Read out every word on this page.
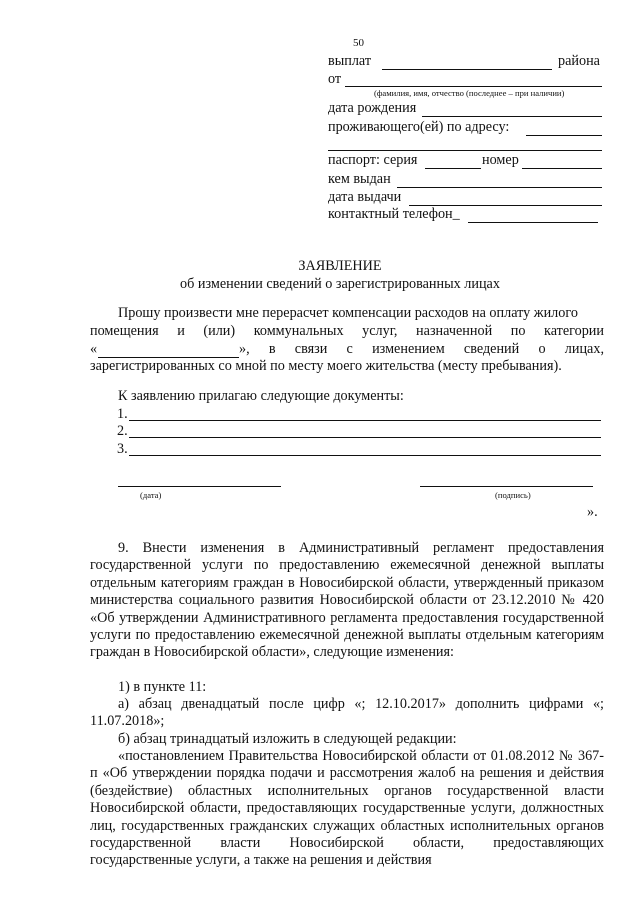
50
выплат	района
от
(фамилия, имя, отчество (последнее – при наличии)
дата рождения
проживающего(ей) по адресу:
паспорт: серия	номер
кем выдан
дата выдачи
контактный телефон_
ЗАЯВЛЕНИЕ
об изменении сведений о зарегистрированных лицах
Прошу произвести мне перерасчет компенсации расходов на оплату жилого
помещения и (или) коммунальных услуг, назначенной по категории
«	», в связи с изменением сведений о лицах,
зарегистрированных со мной по месту моего жительства (месту пребывания).
К заявлению прилагаю следующие документы:
1.
2.
3.
(дата)	(подпись)
».
9. Внести изменения в Административный регламент предоставления государственной услуги по предоставлению ежемесячной денежной выплаты отдельным категориям граждан в Новосибирской области, утвержденный приказом министерства социального развития Новосибирской области от 23.12.2010 № 420 «Об утверждении Административного регламента предоставления государственной услуги по предоставлению ежемесячной денежной выплаты отдельным категориям граждан в Новосибирской области», следующие изменения:
1) в пункте 11:
а) абзац двенадцатый после цифр «; 12.10.2017» дополнить цифрами «; 11.07.2018»;
б) абзац тринадцатый изложить в следующей редакции:
«постановлением Правительства Новосибирской области от 01.08.2012 № 367-п «Об утверждении порядка подачи и рассмотрения жалоб на решения и действия (бездействие) областных исполнительных органов государственной власти Новосибирской области, предоставляющих государственные услуги, должностных лиц, государственных гражданских служащих областных исполнительных органов государственной власти Новосибирской области, предоставляющих государственные услуги, а также на решения и действия
